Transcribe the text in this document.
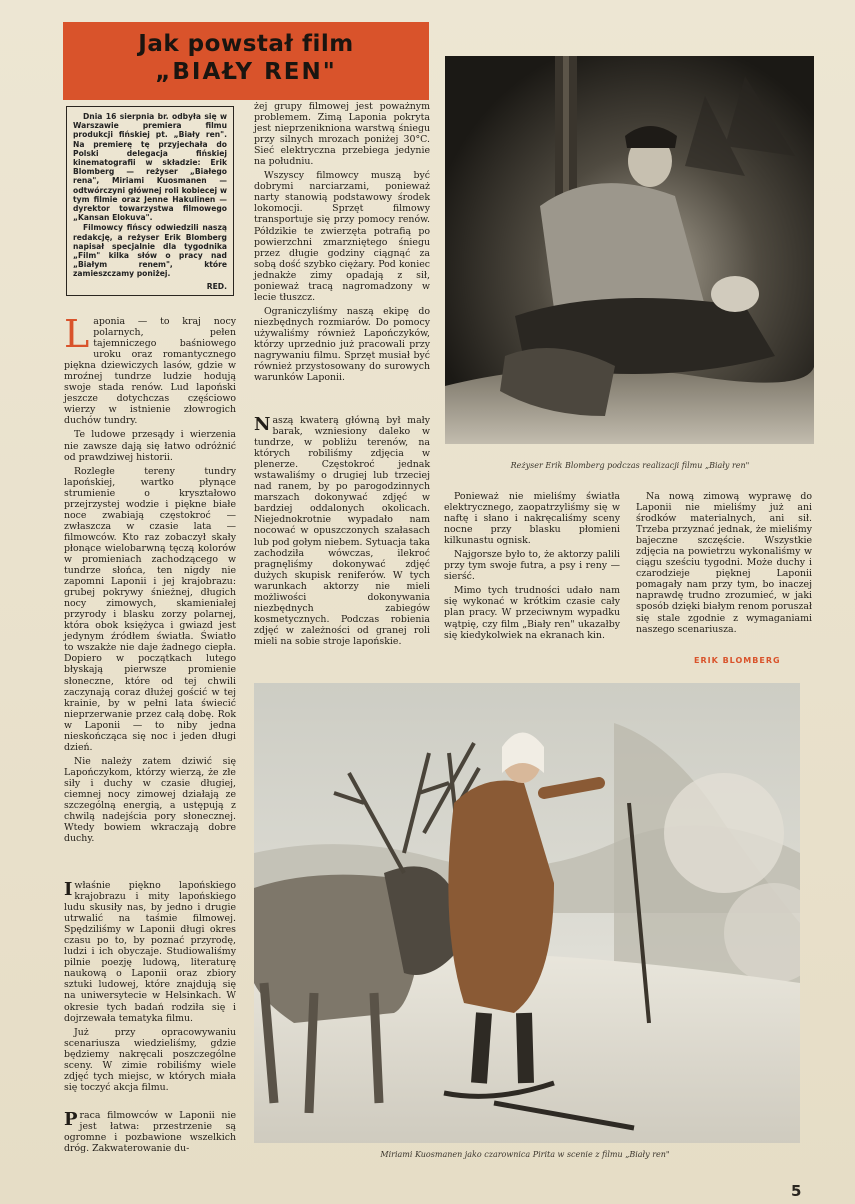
Jak powstał film
„BIAŁY REN"

Dnia 16 sierpnia br. odbyła się w Warszawie premiera filmu produkcji fińskiej pt. „Biały ren". Na premierę tę przyjechała do Polski delegacja fińskiej kinematografii w składzie: Erik Blomberg — reżyser „Białego rena", Miriami Kuosmanen — odtwórczyni głównej roli kobiecej w tym filmie oraz Jenne Hakulinen — dyrektor towarzystwa filmowego „Kansan Elokuva".

Filmowcy fińscy odwiedzili naszą redakcję, a reżyser Erik Blomberg napisał specjalnie dla tygodnika „Film" kilka słów o pracy nad „Białym renem", które zamieszczamy poniżej.

RED.

Laponia — to kraj nocy polarnych, pełen tajemniczego baśniowego uroku oraz romantycznego piękna dziewiczych lasów, gdzie w mroźnej tundrze ludzie hodują swoje stada renów. Lud lapoński jeszcze dotychczas częściowo wierzy w istnienie złowrogich duchów tundry.

Te ludowe przesądy i wierzenia nie zawsze dają się łatwo odróżnić od prawdziwej historii.

Rozległe tereny tundry lapońskiej, wartko płynące strumienie o kryształowo przejrzystej wodzie i piękne białe noce zwabiają częstokroć — zwłaszcza w czasie lata — filmowców. Kto raz zobaczył skały płonące wielobarwną tęczą kolorów w promieniach zachodzącego w tundrze słońca, ten nigdy nie zapomni Laponii i jej krajobrazu: grubej pokrywy śnieżnej, długich nocy zimowych, skamieniałej przyrody i blasku zorzy polarnej, która obok księżyca i gwiazd jest jedynym źródłem światła. Światło to wszakże nie daje żadnego ciepła. Dopiero w początkach lutego błyskają pierwsze promienie słoneczne, które od tej chwili zaczynają coraz dłużej gościć w tej krainie, by w pełni lata świecić nieprzerwanie przez całą dobę. Rok w Laponii — to niby jedna nieskończąca się noc i jeden długi dzień.

Nie należy zatem dziwić się Lapończykom, którzy wierzą, że złe siły i duchy w czasie długiej, ciemnej nocy zimowej działają ze szczególną energią, a ustępują z chwilą nadejścia pory słonecznej. Wtedy bowiem wkraczają dobre duchy.

Iwłaśnie piękno lapońskiego krajobrazu i mity lapońskiego ludu skusiły nas, by jedno i drugie utrwalić na taśmie filmowej. Spędziliśmy w Laponii długi okres czasu po to, by poznać przyrodę, ludzi i ich obyczaje. Studiowaliśmy pilnie poezję ludową, literaturę naukową o Laponii oraz zbiory sztuki ludowej, które znajdują się na uniwersytecie w Helsinkach. W okresie tych badań rodziła się i dojrzewała tematyka filmu.

Już przy opracowywaniu scenariusza wiedzieliśmy, gdzie będziemy nakręcali poszczególne sceny. W zimie robiliśmy wiele zdjęć tych miejsc, w których miała się toczyć akcja filmu.

Praca filmowców w Laponii nie jest łatwa: przestrzenie są ogromne i pozbawione wszelkich dróg. Zakwaterowanie du-

żej grupy filmowej jest poważnym problemem. Zimą Laponia pokryta jest nieprzenikniona warstwą śniegu przy silnych mrozach poniżej 30°C. Sieć elektryczna przebiega jedynie na południu.

Wszyscy filmowcy muszą być dobrymi narciarzami, ponieważ narty stanowią podstawowy środek lokomocji. Sprzęt filmowy transportuje się przy pomocy renów. Półdzikie te zwierzęta potrafią po powierzchni zmarzniętego śniegu przez długie godziny ciągnąć za sobą dość szybko ciężary. Pod koniec jednakże zimy opadają z sił, ponieważ tracą nagromadzony w lecie tłuszcz.

Ograniczyliśmy naszą ekipę do niezbędnych rozmiarów. Do pomocy używaliśmy również Lapończyków, którzy uprzednio już pracowali przy nagrywaniu filmu. Sprzęt musiał być również przystosowany do surowych warunków Laponii.

Naszą kwaterą główną był mały barak, wzniesiony daleko w tundrze, w pobliżu terenów, na których robiliśmy zdjęcia w plenerze. Częstokroć jednak wstawaliśmy o drugiej lub trzeciej nad ranem, by po parogodzinnych marszach dokonywać zdjęć w bardziej oddalonych okolicach. Niejednokrotnie wypadało nam nocować w opuszczonych szałasach lub pod gołym niebem. Sytuacja taka zachodziła wówczas, ilekroć pragnęliśmy dokonywać zdjęć dużych skupisk reniferów. W tych warunkach aktorzy nie mieli możliwości dokonywania niezbędnych zabiegów kosmetycznych. Podczas robienia zdjęć w zależności od granej roli mieli na sobie stroje lapońskie.

Reżyser Erik Blomberg podczas realizacji filmu „Biały ren"

Ponieważ nie mieliśmy światła elektrycznego, zaopatrzyliśmy się w naftę i słano i nakręcaliśmy sceny nocne przy blasku płomieni kilkunastu ognisk.

Najgorsze było to, że aktorzy palili przy tym swoje futra, a psy i reny — sierść.

Mimo tych trudności udało nam się wykonać w krótkim czasie cały plan pracy. W przeciwnym wypadku wątpię, czy film „Biały ren" ukazałby się kiedykolwiek na ekranach kin.

Na nową zimową wyprawę do Laponii nie mieliśmy już ani środków materialnych, ani sił. Trzeba przyznać jednak, że mieliśmy bajeczne szczęście. Wszystkie zdjęcia na powietrzu wykonaliśmy w ciągu sześciu tygodni. Może duchy i czarodzieje pięknej Laponii pomagały nam przy tym, bo inaczej naprawdę trudno zrozumieć, w jaki sposób dzięki białym renom poruszał się stale zgodnie z wymaganiami naszego scenariusza.

ERIK BLOMBERG
Miriami Kuosmanen jako czarownica Pirita w scenie z filmu „Biały ren"
5
